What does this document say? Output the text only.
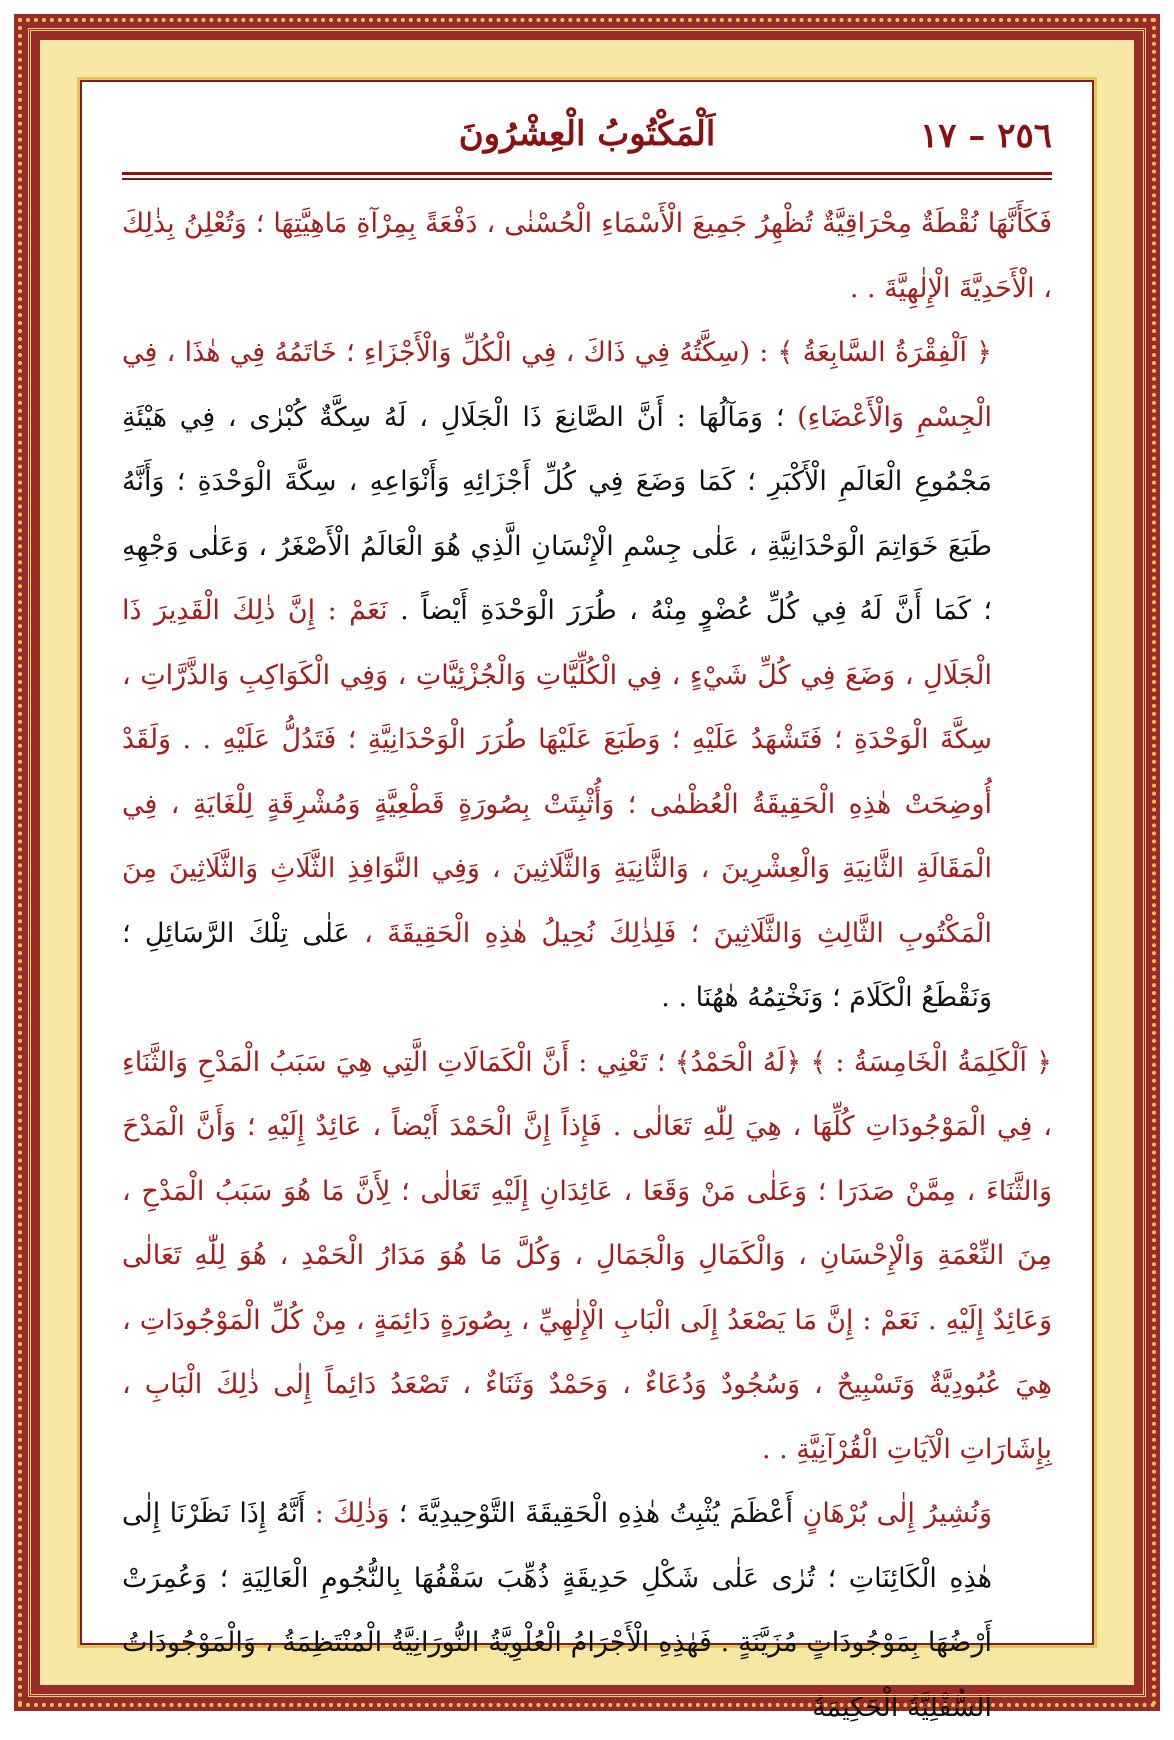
٢٥٦ – ١٧
اَلْمَكْتُوبُ الْعِشْرُونَ

فَكَأَنَّهَا نُقْطَةٌ مِحْرَاقِيَّةٌ تُظْهِرُ جَمِيعَ الْأَسْمَاءِ الْحُسْنٰى ، دَفْعَةً بِمِرْآةِ مَاهِيَّتِهَا ؛ وَتُعْلِنُ بِذٰلِكَ ، الْأَحَدِيَّةَ الْإِلٰهِيَّةَ . .

﴿ اَلْفِقْرَةُ السَّابِعَةُ ﴾ : (سِكَّتُهُ فِي ذَاكَ ، فِي الْكُلِّ وَالْأَجْزَاءِ ؛ خَاتَمُهُ فِي هٰذَا ، فِي الْجِسْمِ وَالْأَعْضَاءِ) ؛ وَمَآلُهَا : أَنَّ الصَّانِعَ ذَا الْجَلَالِ ، لَهُ سِكَّةٌ كُبْرٰى ، فِي هَيْئَةِ مَجْمُوعِ الْعَالَمِ الْأَكْبَرِ ؛ كَمَا وَضَعَ فِي كُلِّ أَجْزَائِهِ وَأَنْوَاعِهِ ، سِكَّةَ الْوَحْدَةِ ؛ وَأَنَّهُ طَبَعَ خَوَاتِمَ الْوَحْدَانِيَّةِ ، عَلٰى جِسْمِ الْإِنْسَانِ الَّذِي هُوَ الْعَالَمُ الْأَصْغَرُ ، وَعَلٰى وَجْهِهِ ؛ كَمَا أَنَّ لَهُ فِي كُلِّ عُضْوٍ مِنْهُ ، طُرَرَ الْوَحْدَةِ أَيْضاً . نَعَمْ : إِنَّ ذٰلِكَ الْقَدِيرَ ذَا الْجَلَالِ ، وَضَعَ فِي كُلِّ شَيْءٍ ، فِي الْكُلِّيَّاتِ وَالْجُزْئِيَّاتِ ، وَفِي الْكَوَاكِبِ وَالذَّرَّاتِ ، سِكَّةَ الْوَحْدَةِ ؛ فَتَشْهَدُ عَلَيْهِ ؛ وَطَبَعَ عَلَيْهَا طُرَرَ الْوَحْدَانِيَّةِ ؛ فَتَدُلُّ عَلَيْهِ . . وَلَقَدْ أُوضِحَتْ هٰذِهِ الْحَقِيقَةُ الْعُظْمٰى ؛ وَأُثْبِتَتْ بِصُورَةٍ قَطْعِيَّةٍ وَمُشْرِقَةٍ لِلْغَايَةِ ، فِي الْمَقَالَةِ الثَّانِيَةِ وَالْعِشْرِينَ ، وَالثَّانِيَةِ وَالثَّلَاثِينَ ، وَفِي النَّوَافِذِ الثَّلَاثِ وَالثَّلَاثِينَ مِنَ الْمَكْتُوبِ الثَّالِثِ وَالثَّلَاثِينَ ؛ فَلِذٰلِكَ نُحِيلُ هٰذِهِ الْحَقِيقَةَ ، عَلٰى تِلْكَ الرَّسَائِلِ ؛ وَنَقْطَعُ الْكَلَامَ ؛ وَنَخْتِمُهُ هٰهُنَا . .

﴿ اَلْكَلِمَةُ الْخَامِسَةُ : ﴾ ﴿لَهُ الْحَمْدُ﴾ ؛ تَعْنِي : أَنَّ الْكَمَالَاتِ الَّتِي هِيَ سَبَبُ الْمَدْحِ وَالثَّنَاءِ ، فِي الْمَوْجُودَاتِ كُلِّهَا ، هِيَ لِلّٰهِ تَعَالٰى . فَإِذاً إِنَّ الْحَمْدَ أَيْضاً ، عَائِدٌ إِلَيْهِ ؛ وَأَنَّ الْمَدْحَ وَالثَّنَاءَ ، مِمَّنْ صَدَرَا ؛ وَعَلٰى مَنْ وَقَعَا ، عَائِدَانِ إِلَيْهِ تَعَالٰى ؛ لِأَنَّ مَا هُوَ سَبَبُ الْمَدْحِ ، مِنَ النِّعْمَةِ وَالْإِحْسَانِ ، وَالْكَمَالِ وَالْجَمَالِ ، وَكُلَّ مَا هُوَ مَدَارُ الْحَمْدِ ، هُوَ لِلّٰهِ تَعَالٰى وَعَائِدٌ إِلَيْهِ . نَعَمْ : إِنَّ مَا يَصْعَدُ إِلَى الْبَابِ الْإِلٰهِيِّ ، بِصُورَةٍ دَائِمَةٍ ، مِنْ كُلِّ الْمَوْجُودَاتِ ، هِيَ عُبُودِيَّةٌ وَتَسْبِيحٌ ، وَسُجُودٌ وَدُعَاءٌ ، وَحَمْدٌ وَثَنَاءٌ ، تَصْعَدُ دَائِماً إِلٰى ذٰلِكَ الْبَابِ ، بِإِشَارَاتِ الْآيَاتِ الْقُرْآنِيَّةِ . .

وَنُشِيرُ إِلٰى بُرْهَانٍ أَعْظَمَ يُثْبِتُ هٰذِهِ الْحَقِيقَةَ التَّوْحِيدِيَّةَ ؛ وَذٰلِكَ : أَنَّهُ إِذَا نَظَرْنَا إِلٰى هٰذِهِ الْكَائِنَاتِ ؛ تُرٰى عَلٰى شَكْلِ حَدِيقَةٍ ذُهِّبَ سَقْفُهَا بِالنُّجُومِ الْعَالِيَةِ ؛ وَعُمِرَتْ أَرْضُهَا بِمَوْجُودَاتٍ مُزَيَّنَةٍ . فَهٰذِهِ الْأَجْرَامُ الْعُلْوِيَّةُ النُّورَانِيَّةُ الْمُنْتَظِمَةُ ، وَالْمَوْجُودَاتُ السُّفْلِيَّةُ الْحَكِيمَةُ
